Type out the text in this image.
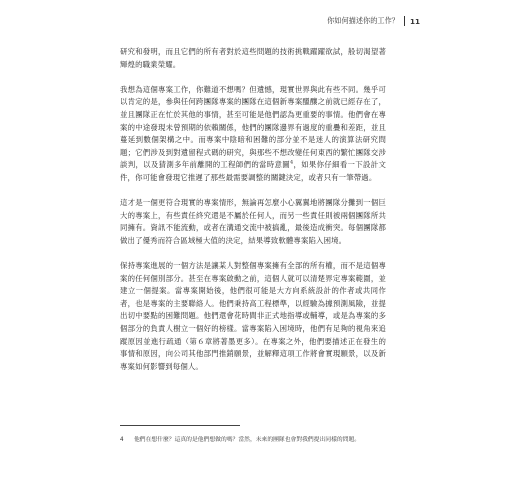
你如何描述你的工作？ 11

研究和發明，而且它們的所有者對於這些問題的技術挑戰躍躍欲試，般切渴望著輝煌的職業榮耀。

我想為這個專案工作，你難道不想嗎？但遺憾，現實世界與此有些不同。幾乎可以肯定的是，參與任何跨團隊專案的團隊在這個新專案醞釀之前就已經存在了，並且團隊正在忙於其他的事情，甚至可能是他們認為更重要的事情。他們會在專案的中途發現未曾預期的依賴關係，他們的團隊邊界有過度的重疊和差距，並且蔓延到數個架構之中。而專案中陰暗和困難的部分並不是迷人的演算法研究問題；它們涉及到對遺留程式碼的研究，與那些不想改變任何東西的繁忙團隊交涉談判，以及猜測多年前離開的工程師們的當時意圖$^4$，如果你仔細看一下設計文件，你可能會發現它推遲了那些最需要調整的關鍵決定，或者只有一筆帶過。

這才是一個更符合現實的專案情形，無論再怎麼小心翼翼地將團隊分攤到一個巨大的專案上，有些責任終究還是不屬於任何人，而另一些責任則被兩個團隊所共同擁有。資訊不能流動，或者在溝通交流中被搞亂，最後造成衝突。每個團隊都做出了優秀而符合區域極大值的決定，結果導致軟體專案陷入困境。

保持專案進展的一個方法是讓某人對整個專案擁有全部的所有權，而不是這個專案的任何個別部分。甚至在專案啟動之前，這個人就可以清楚界定專案範圍，並建立一個提案。當專案開始後，他們很可能是大方向系統設計的作者或共同作者，也是專案的主要聯絡人。他們秉持高工程標準，以經驗為據預測風險，並提出切中要點的困難問題。他們還會花時間非正式地指導或輔導，或是為專案的多個部分的負責人樹立一個好的榜樣。當專案陷入困境時，他們有足夠的視角來追蹤原因並進行疏通（第６章將著墨更多）。在專案之外，他們要描述正在發生的事情和原因，向公司其他部門推銷願景，並解釋這項工作將會實現願景，以及新專案如何影響到每個人。

4 他們在想什麼？這真的是他們想做的嗎？當然，未來的團隊也會對我們提出同樣的問題。
